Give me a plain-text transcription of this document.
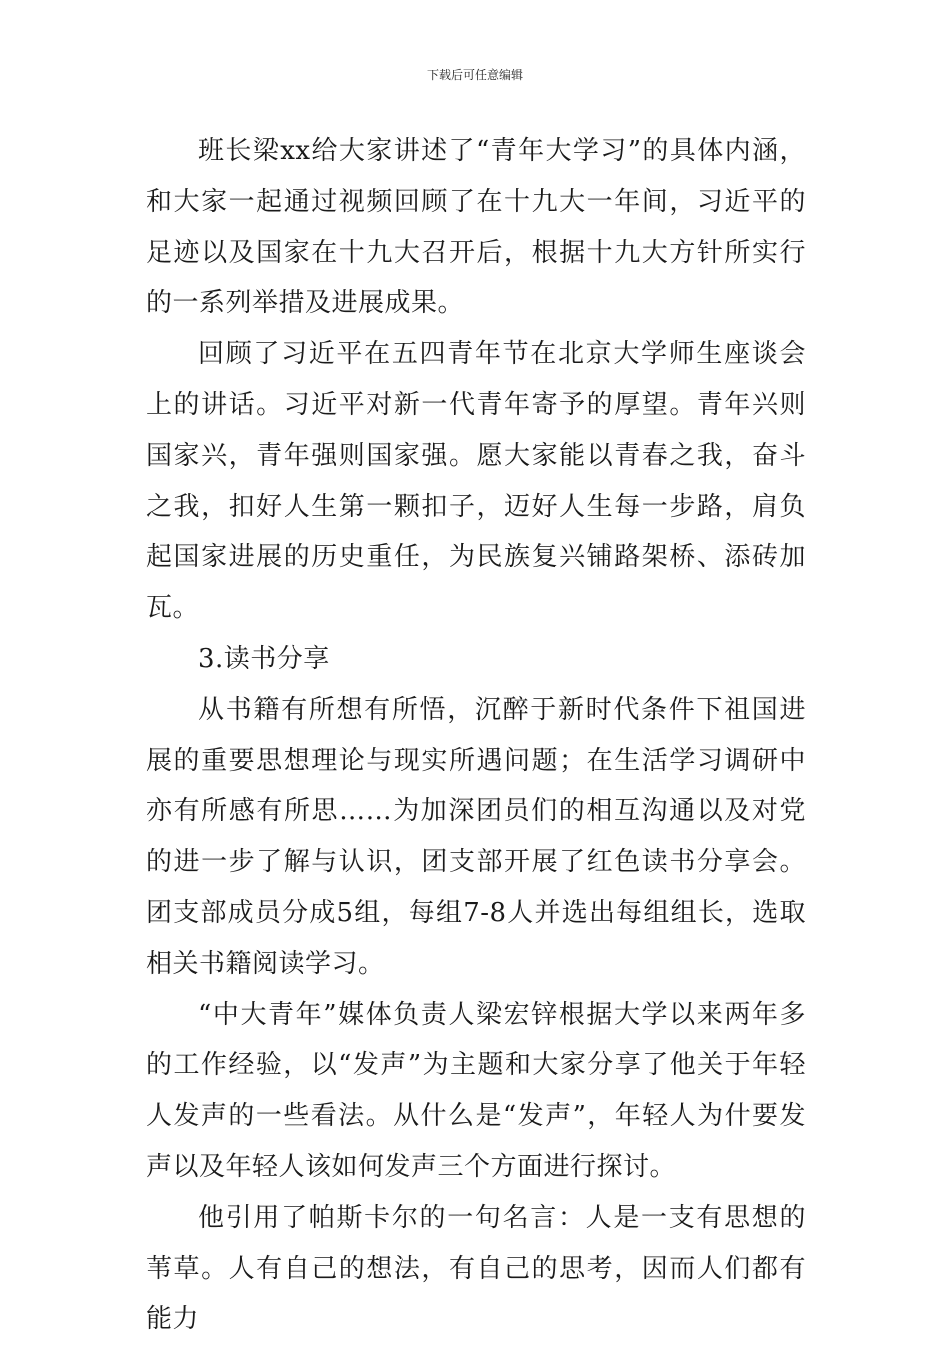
下载后可任意编辑

班长梁xx给大家讲述了“青年大学习”的具体内涵，和大家一起通过视频回顾了在十九大一年间，习近平的足迹以及国家在十九大召开后，根据十九大方针所实行的一系列举措及进展成果。

回顾了习近平在五四青年节在北京大学师生座谈会上的讲话。习近平对新一代青年寄予的厚望。青年兴则国家兴，青年强则国家强。愿大家能以青春之我，奋斗之我，扣好人生第一颗扣子，迈好人生每一步路，肩负起国家进展的历史重任，为民族复兴铺路架桥、添砖加瓦。

3.读书分享

从书籍有所想有所悟，沉醉于新时代条件下祖国进展的重要思想理论与现实所遇问题；在生活学习调研中亦有所感有所思……为加深团员们的相互沟通以及对党的进一步了解与认识，团支部开展了红色读书分享会。团支部成员分成5组，每组7-8人并选出每组组长，选取相关书籍阅读学习。

“中大青年”媒体负责人梁宏锌根据大学以来两年多的工作经验，以“发声”为主题和大家分享了他关于年轻人发声的一些看法。从什么是“发声”，年轻人为什要发声以及年轻人该如何发声三个方面进行探讨。

他引用了帕斯卡尔的一句名言：人是一支有思想的苇草。人有自己的想法，有自己的思考，因而人们都有能力
